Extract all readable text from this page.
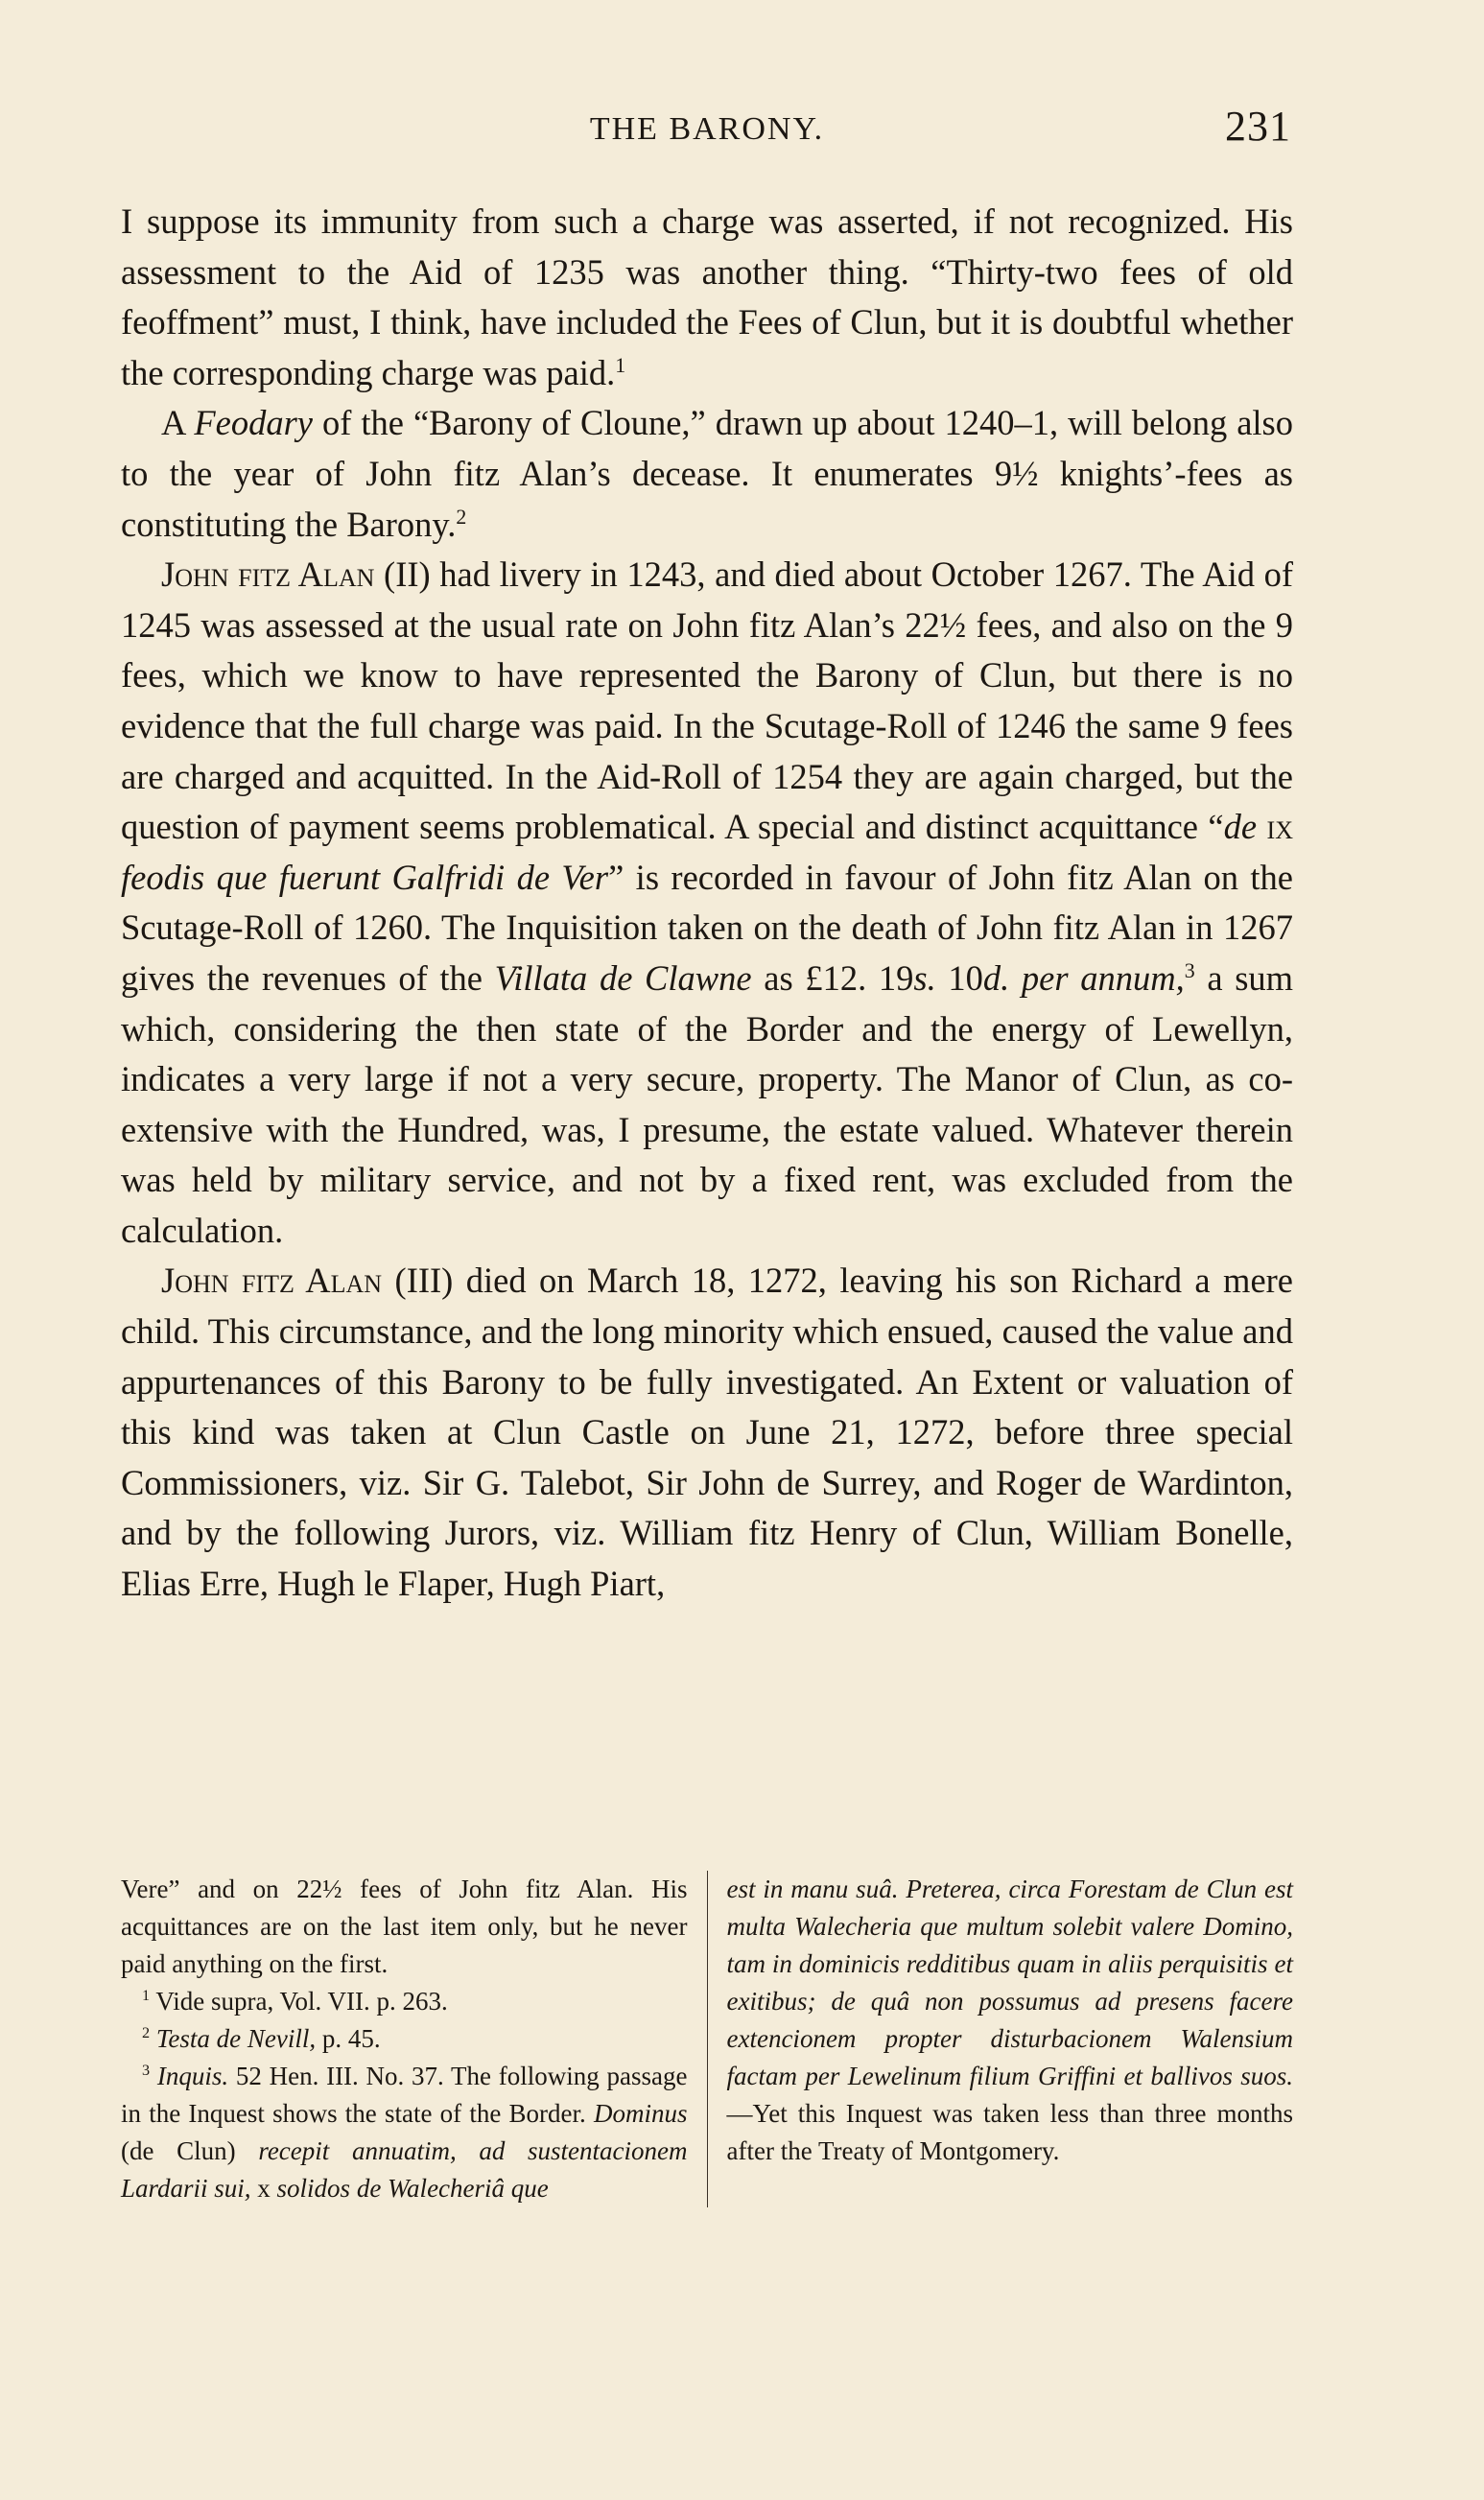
THE BARONY.	231

I suppose its immunity from such a charge was asserted, if not recognized. His assessment to the Aid of 1235 was another thing. “Thirty-two fees of old feoffment” must, I think, have included the Fees of Clun, but it is doubtful whether the corresponding charge was paid.$^1$

A Feodary of the “Barony of Cloune,” drawn up about 1240–1, will belong also to the year of John fitz Alan’s decease. It enumerates 9½ knights’-fees as constituting the Barony.$^2$

John fitz Alan (II) had livery in 1243, and died about October 1267. The Aid of 1245 was assessed at the usual rate on John fitz Alan’s 22½ fees, and also on the 9 fees, which we know to have represented the Barony of Clun, but there is no evidence that the full charge was paid. In the Scutage-Roll of 1246 the same 9 fees are charged and acquitted. In the Aid-Roll of 1254 they are again charged, but the question of payment seems problematical. A special and distinct acquittance “de ix feodis que fuerunt Galfridi de Ver” is recorded in favour of John fitz Alan on the Scutage-Roll of 1260. The Inquisition taken on the death of John fitz Alan in 1267 gives the revenues of the Villata de Clawne as £12. 19s. 10d. per annum,$^3$ a sum which, considering the then state of the Border and the energy of Lewellyn, indicates a very large if not a very secure, property. The Manor of Clun, as co-extensive with the Hundred, was, I presume, the estate valued. Whatever therein was held by military service, and not by a fixed rent, was excluded from the calculation.

John fitz Alan (III) died on March 18, 1272, leaving his son Richard a mere child. This circumstance, and the long minority which ensued, caused the value and appurtenances of this Barony to be fully investigated. An Extent or valuation of this kind was taken at Clun Castle on June 21, 1272, before three special Commissioners, viz. Sir G. Talebot, Sir John de Surrey, and Roger de Wardinton, and by the following Jurors, viz. William fitz Henry of Clun, William Bonelle, Elias Erre, Hugh le Flaper, Hugh Piart,

Vere” and on 22½ fees of John fitz Alan. His acquittances are on the last item only, but he never paid anything on the first.

$^1$ Vide supra, Vol. VII. p. 263.

$^2$ Testa de Nevill, p. 45.

$^3$ Inquis. 52 Hen. III. No. 37. The following passage in the Inquest shows the state of the Border. Dominus (de Clun) recepit annuatim, ad sustentacionem Lardarii sui, x solidos de Walecheriâ que

est in manu suâ. Preterea, circa Forestam de Clun est multa Walecheria que multum solebit valere Domino, tam in dominicis redditibus quam in aliis perquisitis et exitibus; de quâ non possumus ad presens facere extencionem propter disturbacionem Walensium factam per Lewelinum filium Griffini et ballivos suos.—Yet this Inquest was taken less than three months after the Treaty of Montgomery.
